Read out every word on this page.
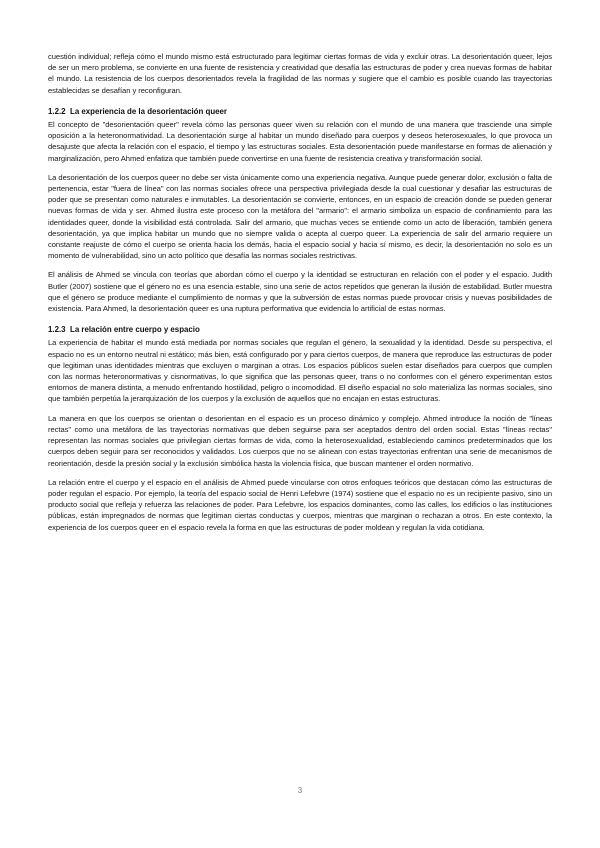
cuestión individual; refleja cómo el mundo mismo está estructurado para legitimar ciertas formas de vida y excluir otras. La desorientación queer, lejos de ser un mero problema, se convierte en una fuente de resistencia y creatividad que desafía las estructuras de poder y crea nuevas formas de habitar el mundo. La resistencia de los cuerpos desorientados revela la fragilidad de las normas y sugiere que el cambio es posible cuando las trayectorias establecidas se desafían y reconfiguran.

1.2.2 La experiencia de la desorientación queer

El concepto de "desorientación queer" revela cómo las personas queer viven su relación con el mundo de una manera que trasciende una simple oposición a la heteronormatividad. La desorientación surge al habitar un mundo diseñado para cuerpos y deseos heterosexuales, lo que provoca un desajuste que afecta la relación con el espacio, el tiempo y las estructuras sociales. Esta desorientación puede manifestarse en formas de alienación y marginalización, pero Ahmed enfatiza que también puede convertirse en una fuente de resistencia creativa y transformación social.

La desorientación de los cuerpos queer no debe ser vista únicamente como una experiencia negativa. Aunque puede generar dolor, exclusión o falta de pertenencia, estar "fuera de línea" con las normas sociales ofrece una perspectiva privilegiada desde la cual cuestionar y desafiar las estructuras de poder que se presentan como naturales e inmutables. La desorientación se convierte, entonces, en un espacio de creación donde se pueden generar nuevas formas de vida y ser. Ahmed ilustra este proceso con la metáfora del "armario": el armario simboliza un espacio de confinamiento para las identidades queer, donde la visibilidad está controlada. Salir del armario, que muchas veces se entiende como un acto de liberación, también genera desorientación, ya que implica habitar un mundo que no siempre valida o acepta al cuerpo queer. La experiencia de salir del armario requiere un constante reajuste de cómo el cuerpo se orienta hacia los demás, hacia el espacio social y hacia sí mismo, es decir, la desorientación no solo es un momento de vulnerabilidad, sino un acto político que desafía las normas sociales restrictivas.

El análisis de Ahmed se vincula con teorías que abordan cómo el cuerpo y la identidad se estructuran en relación con el poder y el espacio. Judith Butler (2007) sostiene que el género no es una esencia estable, sino una serie de actos repetidos que generan la ilusión de estabilidad. Butler muestra que el género se produce mediante el cumplimiento de normas y que la subversión de estas normas puede provocar crisis y nuevas posibilidades de existencia. Para Ahmed, la desorientación queer es una ruptura performativa que evidencia lo artificial de estas normas.

1.2.3 La relación entre cuerpo y espacio

La experiencia de habitar el mundo está mediada por normas sociales que regulan el género, la sexualidad y la identidad. Desde su perspectiva, el espacio no es un entorno neutral ni estático; más bien, está configurado por y para ciertos cuerpos, de manera que reproduce las estructuras de poder que legitiman unas identidades mientras que excluyen o marginan a otras. Los espacios públicos suelen estar diseñados para cuerpos que cumplen con las normas heteronormativas y cisnormativas, lo que significa que las personas queer, trans o no conformes con el género experimentan estos entornos de manera distinta, a menudo enfrentando hostilidad, peligro o incomodidad. El diseño espacial no solo materializa las normas sociales, sino que también perpetúa la jerarquización de los cuerpos y la exclusión de aquellos que no encajan en estas estructuras.

La manera en que los cuerpos se orientan o desorientan en el espacio es un proceso dinámico y complejo. Ahmed introduce la noción de "líneas rectas" como una metáfora de las trayectorias normativas que deben seguirse para ser aceptados dentro del orden social. Estas "líneas rectas" representan las normas sociales que privilegian ciertas formas de vida, como la heterosexualidad, estableciendo caminos predeterminados que los cuerpos deben seguir para ser reconocidos y validados. Los cuerpos que no se alinean con estas trayectorias enfrentan una serie de mecanismos de reorientación, desde la presión social y la exclusión simbólica hasta la violencia física, que buscan mantener el orden normativo.

La relación entre el cuerpo y el espacio en el análisis de Ahmed puede vincularse con otros enfoques teóricos que destacan cómo las estructuras de poder regulan el espacio. Por ejemplo, la teoría del espacio social de Henri Lefebvre (1974) sostiene que el espacio no es un recipiente pasivo, sino un producto social que refleja y refuerza las relaciones de poder. Para Lefebvre, los espacios dominantes, como las calles, los edificios o las instituciones públicas, están impregnados de normas que legitiman ciertas conductas y cuerpos, mientras que marginan o rechazan a otros. En este contexto, la experiencia de los cuerpos queer en el espacio revela la forma en que las estructuras de poder moldean y regulan la vida cotidiana.

3
